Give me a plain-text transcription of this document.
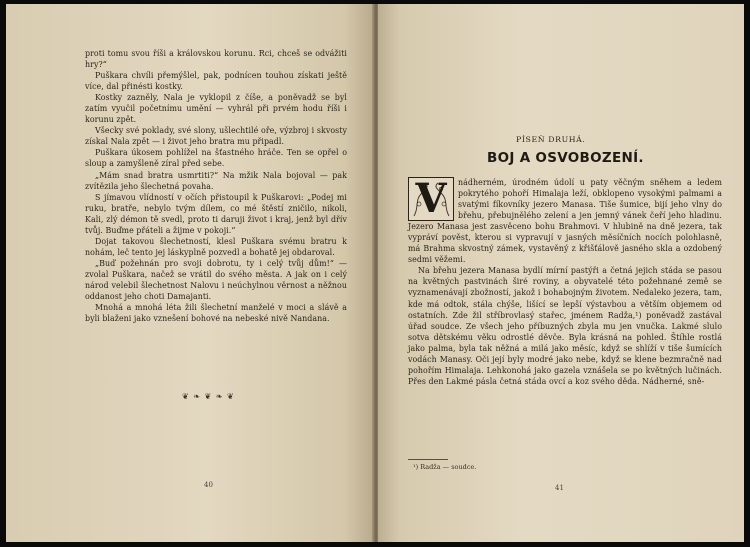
proti tomu svou říši a královskou korunu. Rci, chceš se odvážiti hry?“

Puškara chvíli přemýšlel, pak, podnícen touhou získati ještě více, dal přinésti kostky.

Kostky zazněly, Nala je vyklopil z číše, a poněvadž se byl zatím vyučil početnímu umění — vyhrál při prvém hodu říši i korunu zpět.

Všecky své poklady, své slony, ušlechtilé oře, výzbroj i skvosty získal Nala zpět — i život jeho bratra mu připadl.

Puškara úkosem pohlížel na šťastného hráče. Ten se opřel o sloup a zamyšleně zíral před sebe.

„Mám snad bratra usmrtiti?“ Na mžik Nala bojoval — pak zvítězila jeho šlechetná povaha.

S jímavou vlídností v očích přistoupil k Puškarovi: „Podej mi ruku, bratře, nebylo tvým dílem, co mé štěstí zničilo, nikoli, Kali, zlý démon tě svedl, proto ti daruji život i kraj, jenž byl dřív tvůj. Buďme přáteli a žijme v pokoji.“

Dojat takovou šlechetností, klesl Puškara svému bratru k nohám, leč tento jej láskyplně pozvedl a bohatě jej obdaroval.

„Buď požehnán pro svoji dobrotu, ty i celý tvůj dům!“ — zvolal Puškara, načež se vrátil do svého města. A jak on i celý národ velebil šlechetnost Nalovu i neúchylnou věrnost a něžnou oddanost jeho choti Damajanti.

Mnohá a mnohá léta žili šlechetní manželé v moci a slávě a byli blaženi jako vznešení bohové na nebeské nivě Nandana.

❦ ❧ ❦ ❧ ❦
40
PÍSEŇ DRUHÁ.
BOJ A OSVOBOZENÍ.
V	nádherném, úrodném údolí u paty věčným sněhem a ledem pokrytého pohoří Himalaja leží, obklopeno vysokými palmami a svatými fíkovníky jezero Manasa. Tiše šumice, bijí jeho vlny do břehu, přebujnělého zelení a jen jemný vánek čeří jeho hladinu. Jezero Manasa jest zasvěceno bohu Brahmovi. V hlubině na dně jezera, tak vypráví pověst, kterou si vypravují v jasných měsíčních nocích polohlasně, má Brahma skvostný zámek, vystavěný z křišťálově jasného skla a ozdobený sedmi věžemi.

Na břehu jezera Manasa bydlí mírní pastýři a četná jejich stáda se pasou na květných pastvinách širé roviny, a obyvatelé této požehnané země se vyznamenávají zbožností, jakož i bohabojným životem. Nedaleko jezera, tam, kde má odtok, stála chýše, lišící se lepší výstavbou a větším objemem od ostatních. Zde žil stříbrovlasý stařec, jménem Radža,¹) poněvadž zastával úřad soudce. Ze všech jeho příbuzných zbyla mu jen vnučka. Lakmé slulo sotva dětskému věku odrostlé děvče. Byla krásná na pohled. Štíhle rostlá jako palma, byla tak něžná a milá jako měsíc, když se shlíží v tiše šumících vodách Manasy. Oči její byly modré jako nebe, když se klene bezmračně nad pohořím Himalaja. Lehkonohá jako gazela vznášela se po květných lučinách. Přes den Lakmé pásla četná stáda ovcí a koz svého děda. Nádherné, sně-

¹) Radža — soudce.
41
